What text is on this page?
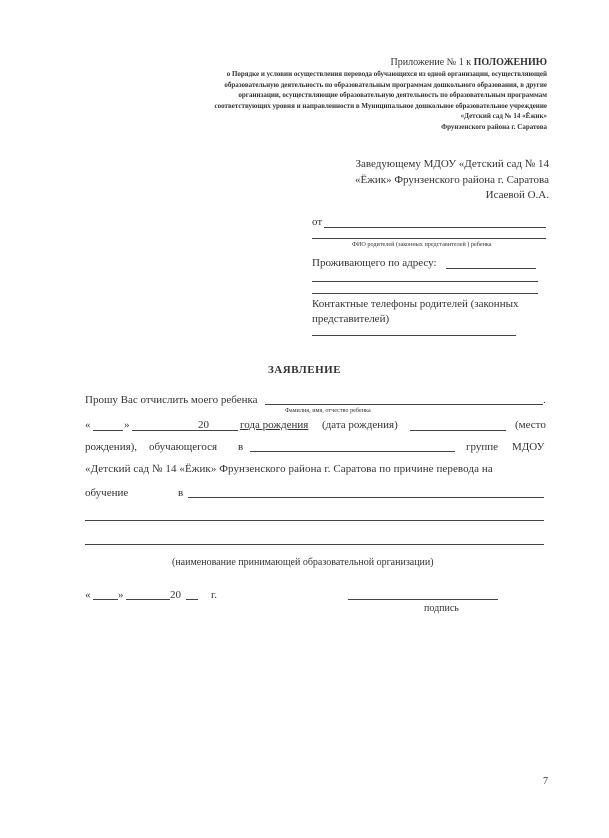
Приложение № 1 к ПОЛОЖЕНИЮ
о Порядке и условии осуществления перевода обучающихся из одной организации, осуществляющей
образовательную деятельность по образовательным программам дошкольного образования, в другие
организации, осуществляющие образовательную деятельность по образовательным программам
соответствующих уровня и направленности в Муниципальное дошкольное образовательное учреждение
«Детский сад № 14 «Ёжик»
Фрунзенского района г. Саратова
Заведующему МДОУ «Детский сад № 14
«Ёжик» Фрунзенского района г. Саратова
Исаевой О.А.
от
ФИО родителей (законных представителей ) ребенка
Проживающего по адресу:
Контактные телефоны родителей (законных
представителей)
ЗАЯВЛЕНИЕ
Прошу Вас отчислить моего ребенка	.
Фамилия, имя, отчество ребенка
«	»	20	года рождения (дата рождения)	(место
рождения), обучающегося в	группе МДОУ
«Детский сад № 14 «Ёжик» Фрунзенского района г. Саратова по причине перевода на
обучение	в
(наименование принимающей образовательной организации)
«	»	20	г.
подпись
7
